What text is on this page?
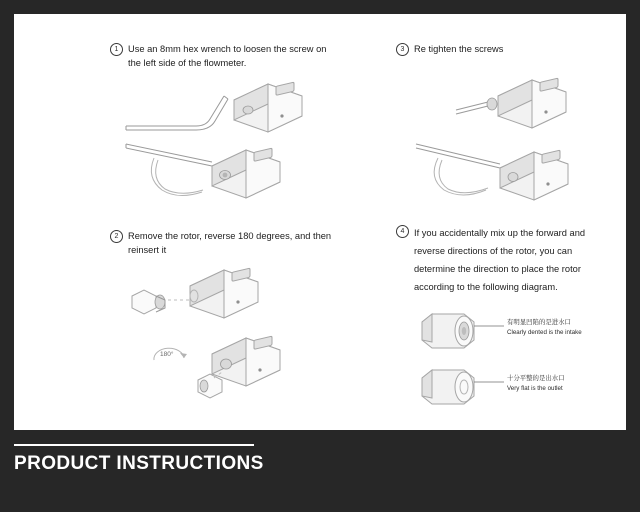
1	Use an 8mm hex wrench to loosen the screw on the left side of the flowmeter.
2	Remove the rotor, reverse 180 degrees, and then reinsert it
180°
3	Re tighten the screws
4	If you accidentally mix up the forward and reverse directions of the rotor, you can determine the direction to place the rotor according to the following diagram.
有明显凹陷的是进水口
Clearly dented is the intake
十分平整的是出水口
Very flat is the outlet
PRODUCT INSTRUCTIONS
